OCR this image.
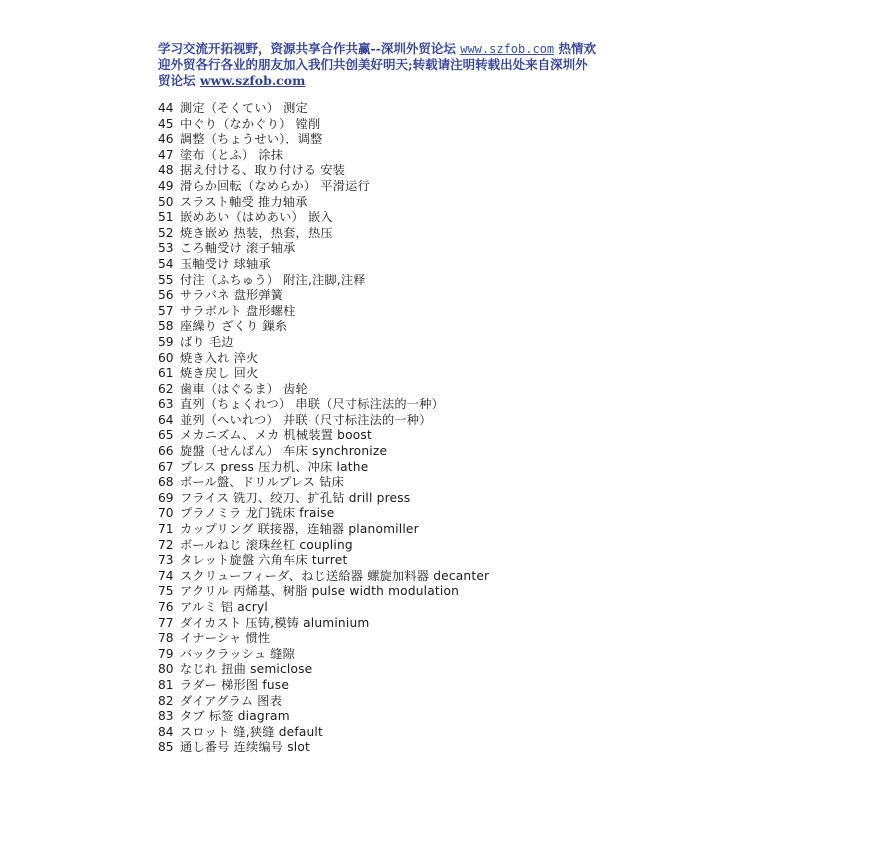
学习交流开拓视野，资源共享合作共赢--深圳外贸论坛 www.szfob.com 热情欢
迎外贸各行各业的朋友加入我们共创美好明天;转载请注明转载出处来自深圳外
贸论坛 www.szfob.com
44 測定（そくてい） 测定
45 中ぐり（なかぐり） 镗削
46 調整（ちょうせい）．调整
47 塗布（とふ） 涂抹
48 据え付ける、取り付ける 安装
49 滑らか回転（なめらか） 平滑运行
50 スラスト軸受 推力轴承
51 嵌めあい（はめあい） 嵌入
52 焼き嵌め 热装，热套，热压
53 ころ軸受け 滚子轴承
54 玉軸受け 球轴承
55 付注（ふちゅう） 附注,注脚,注释
56 サラバネ 盘形弹簧
57 サラボルト 盘形螺柱
58 座繰り ざくり 鏁糸
59 ばり 毛边
60 焼き入れ 淬火
61 焼き戻し 回火
62 歯車（はぐるま） 齿轮
63 直列（ちょくれつ） 串联（尺寸标注法的一种）
64 並列（へいれつ） 并联（尺寸标注法的一种）
65 メカニズム、メカ 机械装置 boost
66 旋盤（せんばん） 车床 synchronize
67 プレス press 压力机、冲床 lathe
68 ボール盤、ドリルプレス 钻床
69 フライス 铣刀、绞刀、扩孔钻 drill press
70 プラノミラ 龙门铣床 fraise
71 カップリング 联接器，连轴器 planomiller
72 ボールねじ 滚珠丝杠 coupling
73 タレット旋盤 六角车床 turret
74 スクリューフィーダ、ねじ送給器 螺旋加料器 decanter
75 アクリル 丙烯基、树脂 pulse width modulation
76 アルミ 铝 acryl
77 ダイカスト 压铸,模铸 aluminium
78 イナーシャ 惯性
79 バックラッシュ 缝隙
80 なじれ 扭曲 semiclose
81 ラダー 梯形图 fuse
82 ダイアグラム 图表
83 タブ 标签 diagram
84 スロット 缝,狭缝 default
85 通し番号 连续编号 slot
